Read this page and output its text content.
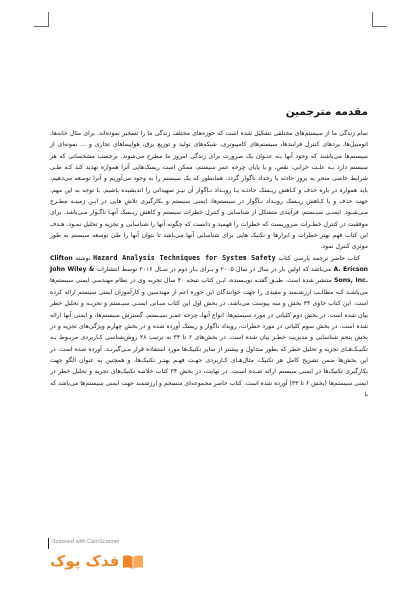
مقدمه مترجمین

تمام زندگی ما از سیستم‌های مختلفی تشکیل شده است که حوزه‌های مختلف زندگی ما را تسخیر نموده‌اند. برای مثال خانه‌ها، اتومبیل‌ها، پردهای کنترل فرایندها، سیستم‌های کامپیوتری، شبکه‌های تولید و توزیع برق، هواپیماهای تجاری و ... نمونه‌ای از سیستم‌ها می‌باشند که وجود آنها بـه عنـوان یک ضرورت برای زندگی امروز ما مطرح می‌شوند. برحسب مشخصاتی که هر سیستم دارد بـه علـت خرابی، نقص، و یا پایان چرخه عمر سیستم، ممکن است ریسک‌هایی آنرا همواره تهدید کند کـه طـی شرایط خاصی منجر به بروز حادثه یا رخداد ناگوار گردد. همانطور که یک سیستم را به وجود می‌آوریم و آنرا توسعه می‌دهیم، باید همواره در باره حذف و کـاهش ریـسک حادثـه یـا رویـداد نـاگوار آن نیـز تمهیداتی را اندیشیده باشیم. با توجه به این مهم، جهت حذف و یا کـاهش ریـسک رویـداد نـاگوار در سیستم‌ها، ایمنی سیستم و بکارگیری تلاش هایی در ایـن زمینـه مطـرح مـی‌شـود. ایمنـی سیـستم، فرآیندی متشکل از شناسایی و کنترل خطرات سیستم و کاهش ریـسک آنهـا ناگـوار مـی‌باشد. برای موفقیت در کنترل خطـرات ضروریست که خطرات را فهمید و دانست که چگونه آنها را شناسایی و تجزیه و تحلیل نمـود. هـدف این کتاب فهم بهتر خطرات و ابزارها و تکنیک هایی برای شناسایی آنها می‌باشد تا بتوان آنها را طی توسعه سیستم به طور موثری کنترل نمود.

کتاب حاضر ترجمه پارسی کتاب Hazard Analysis Techniques for System Safety نوشته Clifton A. Ericson می‌باشد که اولین بار در سال در سال ۲۰۰۵ و بـرای بـار دوم در سـال ۲۰۱۶ توسط انتشارات John Wiley & Sons, Inc. منتشر شده است. طبـق گفتـه نویـسنده، ایـن کتاب نتیجه ۴۰ سال تجربه وی در نظام مهندسی ایمنی سیستم‌ها می‌باشـد کـه مطالـب ارزشـمند و مفیدی را جهت خوانندگان این حوزه اعم از مهندسین و کارآموزان ایمنی سیستم ارائه کرده است. این کتاب حاوی ۳۳ بخش و سه پیوست می‌باشد. در بخش اول این کتاب مبـانی ایمنـی سیـستم و تجزیـه و تحلیل خطر بیان شده است. در بخش دوم کلیاتی در مورد سیستم‌ها، انواع آنها، چرخه عمـر سیـستم، گسترش سیستم‌ها، و ایمنی آنها ارائه شده است. در بخش سوم کلیاتی در مورد خطرات، رویداد ناگوار و ریسک آورده شده و در بخش چهارم ویژگی‌های تجزیه و در بخش پنجم شناسایی و مدیریت خطـر بیان شده است. در بخش‌های ۶ تا ۳۳ به ترتیب ۲۸ روش‌شناسی کـاربردی مربـوط بـه تکنیـک‌هـای تجزیه و تحلیل خطر که بطور متداول و بیشتر از سایر تکنیک‌ها مورد استفاده قرار مـی‌گیرنـد، آورده شده است. در این بخش‌ها ضمن تشریح کامل هر تکنیک، مثال‌هـای کـاربردی جهـت فهـم بهتـر تکنیک‌ها، و همچنین به عنوان الگو جهت بکارگیری تکنیک‌ها در ایمنی سیستم ارائه شـده اسـت. در نهایت، در بخش ۳۴ کتاب خلاصه تکنیک‌های تجزیه و تحلیل خطر در ایمنی سیستم‌ها (بخش ۶ تا ۳۳) آورده شده است. کتاب حاضر مجموعه‌ای منسجم و ارزشمند جهت ایمنی سیستم‌ها می‌باشد که با

Scanned with CamScanner
فدک پوک
